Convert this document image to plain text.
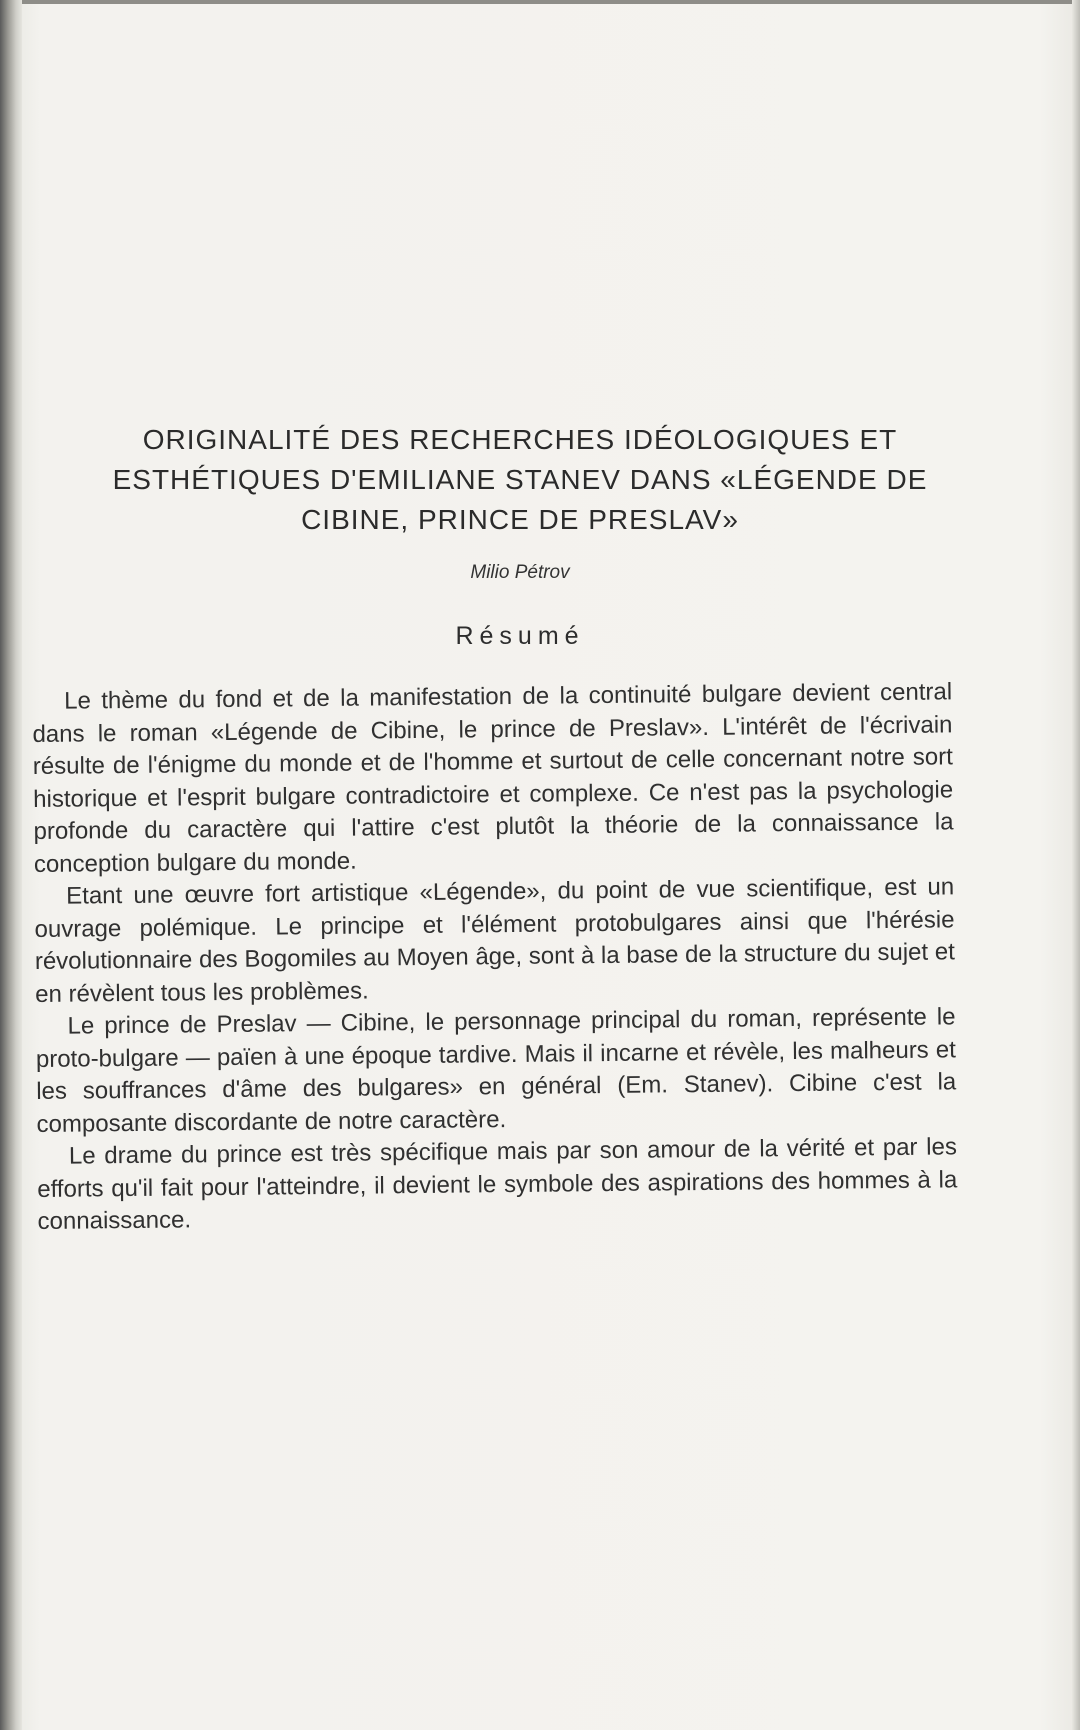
ORIGINALITÉ DES RECHERCHES IDÉOLOGIQUES ET
ESTHÉTIQUES D'EMILIANE STANEV DANS «LÉGENDE DE
CIBINE, PRINCE DE PRESLAV»
Milio Pétrov
Résumé

Le thème du fond et de la manifestation de la continuité bulgare devient central dans le roman «Légende de Cibine, le prince de Preslav». L'intérêt de l'écrivain résulte de l'énigme du monde et de l'homme et surtout de celle concernant notre sort historique et l'esprit bulgare contradictoire et complexe. Ce n'est pas la psychologie profonde du caractère qui l'attire c'est plutôt la théorie de la connaissance la conception bulgare du monde.

Etant une œuvre fort artistique «Légende», du point de vue scientifique, est un ouvrage polémique. Le principe et l'élément protobulgares ainsi que l'hérésie révolutionnaire des Bogomiles au Moyen âge, sont à la base de la structure du sujet et en révèlent tous les problèmes.

Le prince de Preslav — Cibine, le personnage principal du roman, représente le proto-bulgare — païen à une époque tardive. Mais il incarne et révèle, les malheurs et les souffrances d'âme des bulgares» en général (Em. Stanev). Cibine c'est la composante discordante de notre caractère.

Le drame du prince est très spécifique mais par son amour de la vérité et par les efforts qu'il fait pour l'atteindre, il devient le symbole des aspirations des hommes à la connaissance.
